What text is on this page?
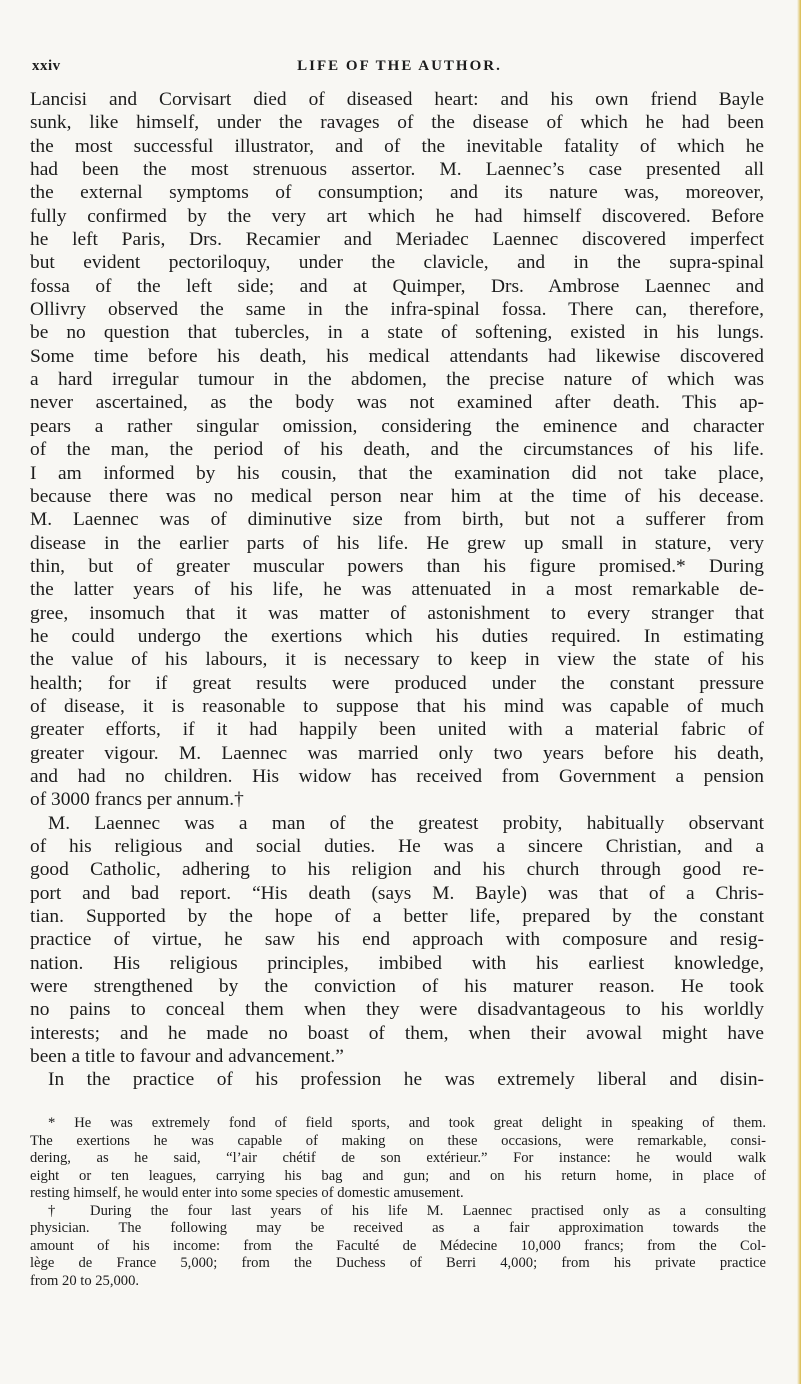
xxiv	LIFE OF THE AUTHOR.
Lancisi and Corvisart died of diseased heart: and his own friend Bayle
sunk, like himself, under the ravages of the disease of which he had been
the most successful illustrator, and of the inevitable fatality of which he
had been the most strenuous assertor. M. Laennec’s case presented all
the external symptoms of consumption; and its nature was, moreover,
fully confirmed by the very art which he had himself discovered. Before
he left Paris, Drs. Recamier and Meriadec Laennec discovered imperfect
but evident pectoriloquy, under the clavicle, and in the supra-spinal
fossa of the left side; and at Quimper, Drs. Ambrose Laennec and
Ollivry observed the same in the infra-spinal fossa. There can, therefore,
be no question that tubercles, in a state of softening, existed in his lungs.
Some time before his death, his medical attendants had likewise discovered
a hard irregular tumour in the abdomen, the precise nature of which was
never ascertained, as the body was not examined after death. This ap-
pears a rather singular omission, considering the eminence and character
of the man, the period of his death, and the circumstances of his life.
I am informed by his cousin, that the examination did not take place,
because there was no medical person near him at the time of his decease.
M. Laennec was of diminutive size from birth, but not a sufferer from
disease in the earlier parts of his life. He grew up small in stature, very
thin, but of greater muscular powers than his figure promised.* During
the latter years of his life, he was attenuated in a most remarkable de-
gree, insomuch that it was matter of astonishment to every stranger that
he could undergo the exertions which his duties required. In estimating
the value of his labours, it is necessary to keep in view the state of his
health; for if great results were produced under the constant pressure
of disease, it is reasonable to suppose that his mind was capable of much
greater efforts, if it had happily been united with a material fabric of
greater vigour. M. Laennec was married only two years before his death,
and had no children. His widow has received from Government a pension
of 3000 francs per annum.†
M. Laennec was a man of the greatest probity, habitually observant
of his religious and social duties. He was a sincere Christian, and a
good Catholic, adhering to his religion and his church through good re-
port and bad report. “His death (says M. Bayle) was that of a Chris-
tian. Supported by the hope of a better life, prepared by the constant
practice of virtue, he saw his end approach with composure and resig-
nation. His religious principles, imbibed with his earliest knowledge,
were strengthened by the conviction of his maturer reason. He took
no pains to conceal them when they were disadvantageous to his worldly
interests; and he made no boast of them, when their avowal might have
been a title to favour and advancement.”
In the practice of his profession he was extremely liberal and disin-
* He was extremely fond of field sports, and took great delight in speaking of them.
The exertions he was capable of making on these occasions, were remarkable, consi-
dering, as he said, “l’air chétif de son extérieur.” For instance: he would walk
eight or ten leagues, carrying his bag and gun; and on his return home, in place of
resting himself, he would enter into some species of domestic amusement.
† During the four last years of his life M. Laennec practised only as a consulting
physician. The following may be received as a fair approximation towards the
amount of his income: from the Faculté de Médecine 10,000 francs; from the Col-
lège de France 5,000; from the Duchess of Berri 4,000; from his private practice
from 20 to 25,000.
